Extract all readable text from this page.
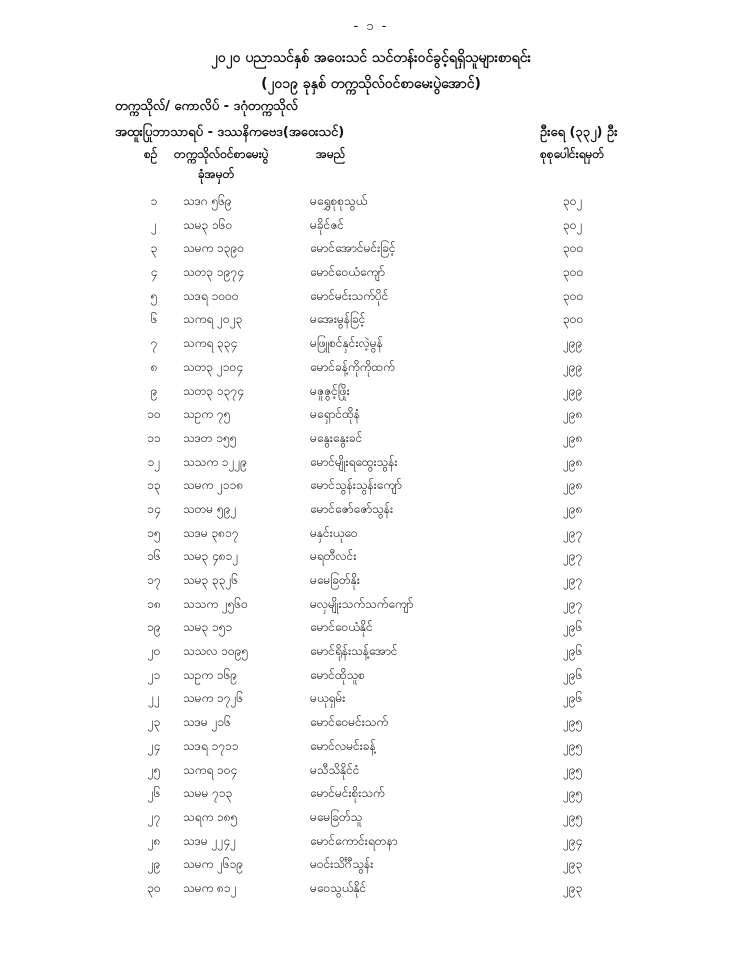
- ၁ -
၂၀၂၀ ပညာသင်နှစ် အဝေးသင် သင်တန်းဝင်ခွင့်ရရှိသူများစာရင်း
(၂၀၁၉ ခုနှစ် တက္ကသိုလ်ဝင်စာမေးပွဲအောင်)
တက္ကသိုလ်/ ကောလိပ် - ဒဂုံတက္ကသိုလ်
အထူးပြုဘာသာရပ် - ဒဿနိကဗေဒ(အဝေးသင်)	ဦးရေ (၃၃၂) ဦး
စဉ် တက္ကသိုလ်ဝင်စာမေးပွဲ
ခုံအမှတ်
အမည်	စုစုပေါင်းရမှတ်
၁	သဒဂ ၅၆၉	မရွှေစုစုသွယ်	၃၀၂
၂	သမ၃ ၁၆၀	မခိုင်ဇင်	၃၀၂
၃	သမက ၁၃၉၀	မောင်အောင်မင်းခြင့်	၃၀၀
၄	သတ၃ ၁၉၇၄	မောင်ဝေယံကျော်	၃၀၀
၅	သဒရ ၁၀၀၀	မောင်မင်းသက်ပိုင်	၃၀၀
၆	သကရ ၂၀၂၃	မအေးမွန်ခြင့်	၃၀၀
၇	သကရ ၃၃၄	မဖြူစင်နှင်းလဲ့မွန်	၂၉၉
၈	သတ၃ ၂၁၀၄	မောင်ခန့်ကိုကိုထက်	၂၉၉
၉	သတ၃ ၁၃၇၄	မဇူဇွင့်ဖြိုး	၂၉၉
၁၀	သဥက ၇၅	မရှောင်ထိုနံ	၂၉၈
၁၁	သဒတ ၁၅၅	မနွေးနွေးခင်	၂၉၈
၁၂	သသက ၁၂၂၉	မောင်မျိုးရထွေးသွန်း	၂၉၈
၁၃	သမက ၂၁၁၈	မောင်သွန်းသွန်းကျော်	၂၉၈
၁၄	သတမ ၅၉၂	မောင်ဇော်ဇော်သွန်း	၂၉၈
၁၅	သဒမ ၃၈၁၇	မနှင်းယုဝေ	၂၉၇
၁၆	သမ၃ ၄၈၁၂	မရတီလင်း	၂၉၇
၁၇	သမ၃ ၃၃၂၆	မမေခြတ်နိုး	၂၉၇
၁၈	သသက ၂၅၆၀	မလှမျိုးသက်သက်ကျော်	၂၉၇
၁၉	သမ၃ ၁၅၁	မောင်ဝေယံနိုင်	၂၉၆
၂၀	သသလ ၁၀၉၅	မောင်ရိုန်းသန့်အောင်	၂၉၆
၂၁	သဥက ၁၆၉	မောင်ထိုသူစ	၂၉၆
၂၂	သမက ၁၇၂၆	မယုရှမ်း	၂၉၆
၂၃	သဒမ ၂၁၆	မောင်ဝေမင်းသက်	၂၉၅
၂၄	သဒရ ၁၇၁၁	မောင်လမင်းခန့်	၂၉၅
၂၅	သကရ ၁၀၄	မသီသိနိုင်ငံ	၂၉၅
၂၆	သမမ ၇၁၃	မောင်မင်းစိုးသက်	၂၉၅
၂၇	သရက ၁၈၅	မမေခြတ်သူ	၂၉၅
၂၈	သဒမ ၂၂၄၂	မောင်ကောင်းရတနာ	၂၉၄
၂၉	သမက ၂၆၁၉	မဝင်းသိင်္ဂီသွန်း	၂၉၃
၃၀	သမက ၈၁၂	မဝေသွယ်နိုင်	၂၉၃
